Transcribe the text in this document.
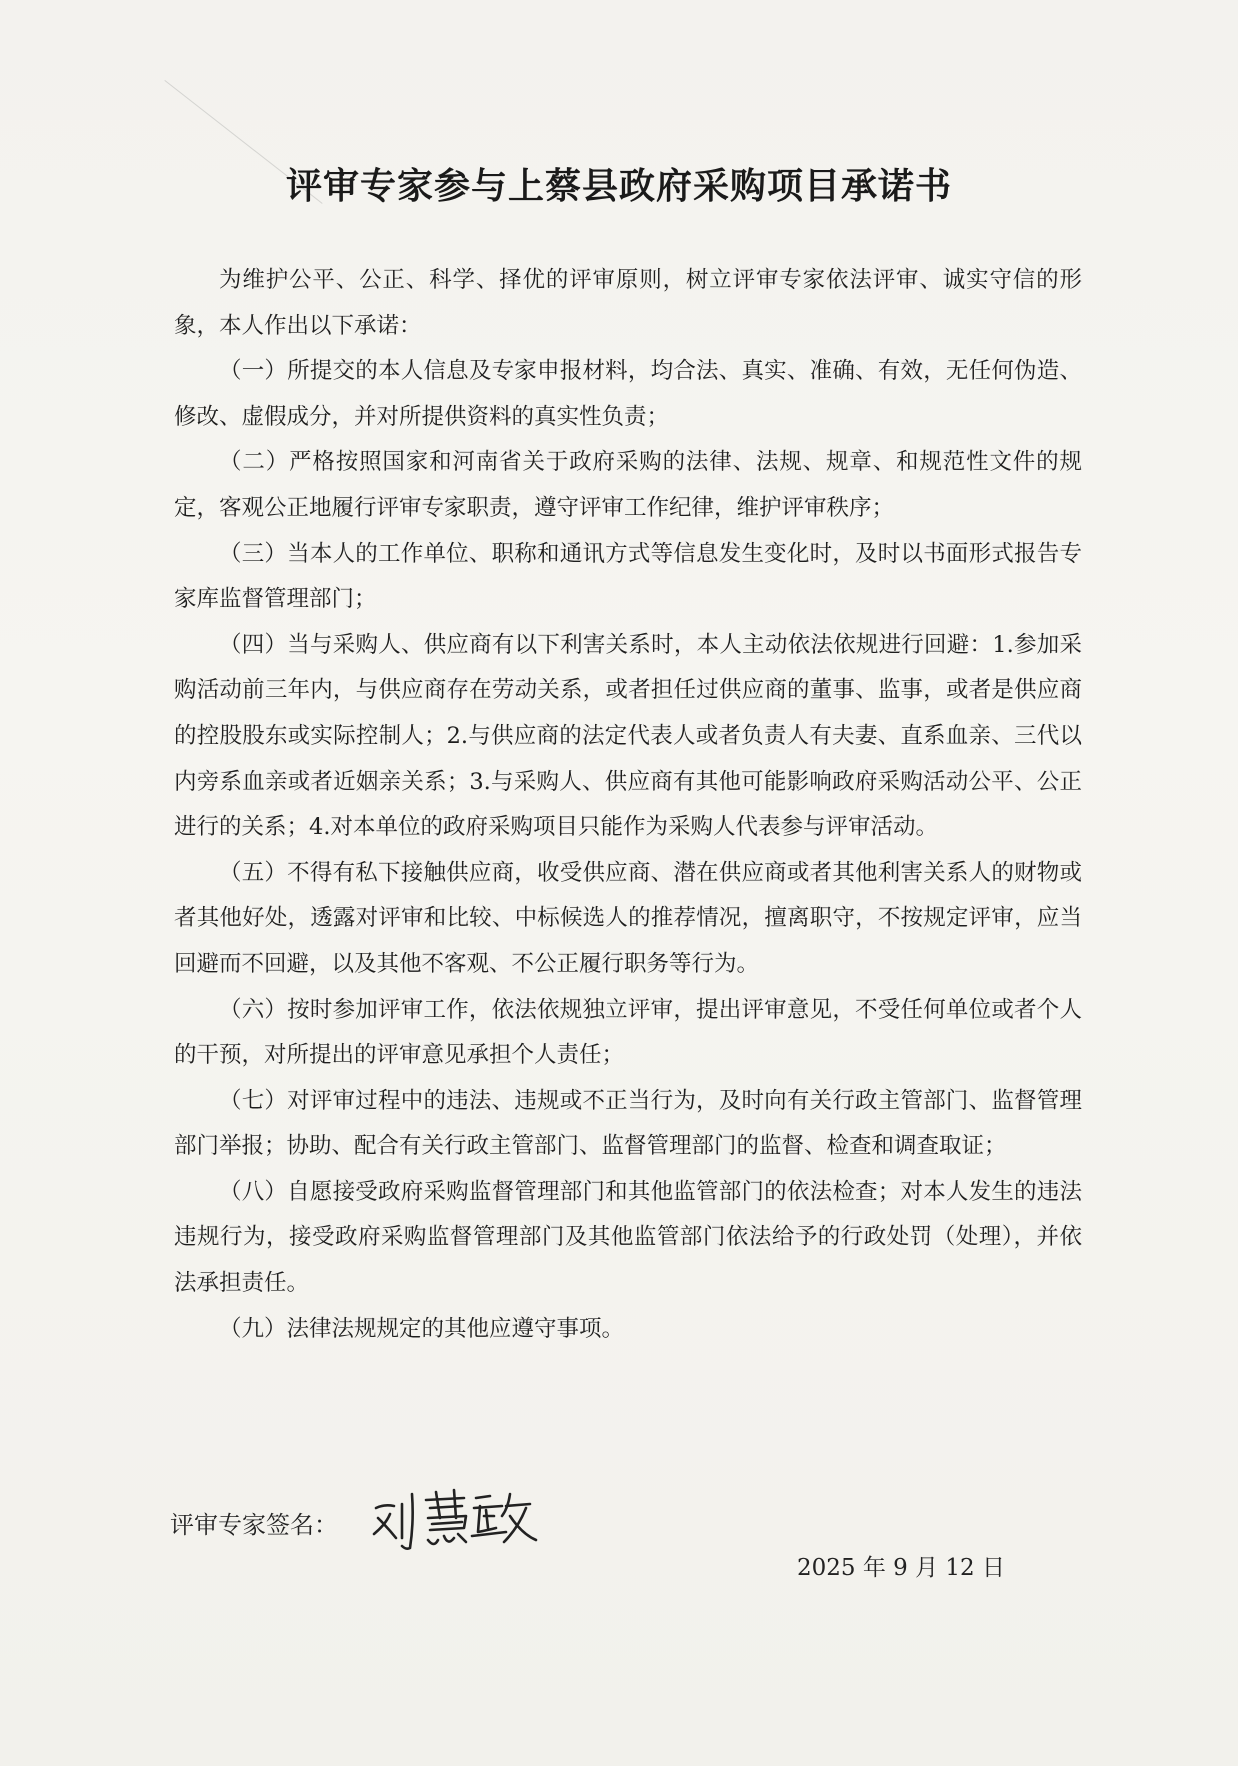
评审专家参与上蔡县政府采购项目承诺书

为维护公平、公正、科学、择优的评审原则，树立评审专家依法评审、诚实守信的形象，本人作出以下承诺：

（一）所提交的本人信息及专家申报材料，均合法、真实、准确、有效，无任何伪造、修改、虚假成分，并对所提供资料的真实性负责；

（二）严格按照国家和河南省关于政府采购的法律、法规、规章、和规范性文件的规定，客观公正地履行评审专家职责，遵守评审工作纪律，维护评审秩序；

（三）当本人的工作单位、职称和通讯方式等信息发生变化时，及时以书面形式报告专家库监督管理部门；

（四）当与采购人、供应商有以下利害关系时，本人主动依法依规进行回避：1.参加采购活动前三年内，与供应商存在劳动关系，或者担任过供应商的董事、监事，或者是供应商的控股股东或实际控制人；2.与供应商的法定代表人或者负责人有夫妻、直系血亲、三代以内旁系血亲或者近姻亲关系；3.与采购人、供应商有其他可能影响政府采购活动公平、公正进行的关系；4.对本单位的政府采购项目只能作为采购人代表参与评审活动。

（五）不得有私下接触供应商，收受供应商、潜在供应商或者其他利害关系人的财物或者其他好处，透露对评审和比较、中标候选人的推荐情况，擅离职守，不按规定评审，应当回避而不回避，以及其他不客观、不公正履行职务等行为。

（六）按时参加评审工作，依法依规独立评审，提出评审意见，不受任何单位或者个人的干预，对所提出的评审意见承担个人责任；

（七）对评审过程中的违法、违规或不正当行为，及时向有关行政主管部门、监督管理部门举报；协助、配合有关行政主管部门、监督管理部门的监督、检查和调查取证；

（八）自愿接受政府采购监督管理部门和其他监管部门的依法检查；对本人发生的违法违规行为，接受政府采购监督管理部门及其他监管部门依法给予的行政处罚（处理），并依法承担责任。

（九）法律法规规定的其他应遵守事项。

评审专家签名：
2025 年 9 月 12 日
